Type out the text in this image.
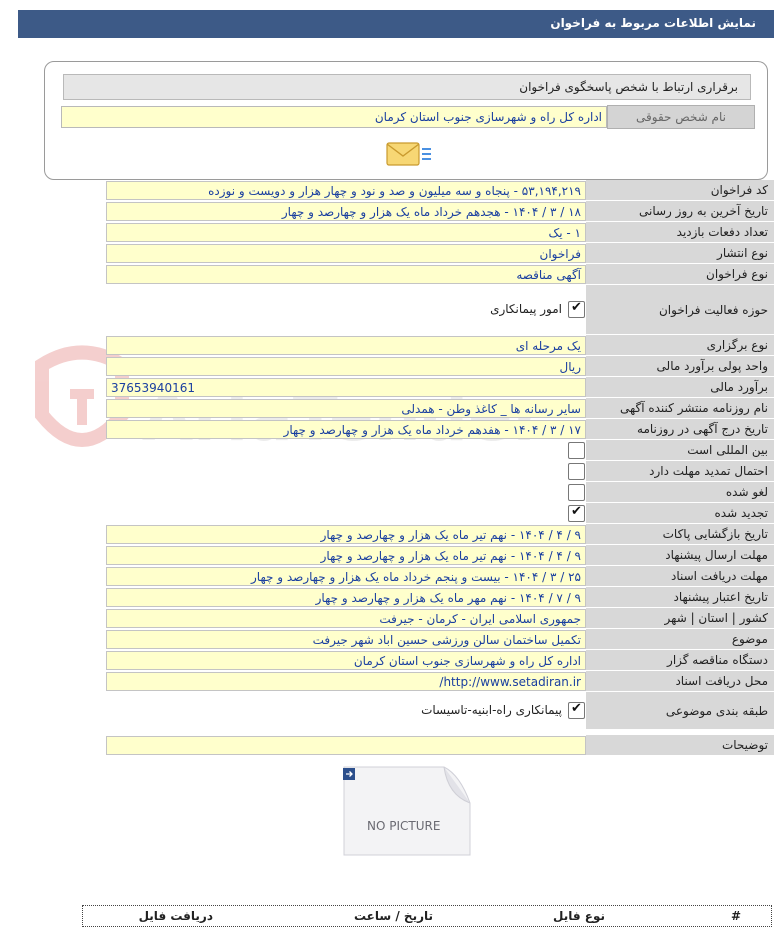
نمایش اطلاعات مربوط به فراخوان
برقراری ارتباط با شخص پاسخگوی فراخوان
نام شخص حقوقی
اداره کل راه و شهرسازی جنوب استان کرمان
کد فراخوان
۵۳,۱۹۴,۲۱۹ - پنجاه و سه میلیون و صد و نود و چهار هزار و دویست و نوزده
تاریخ آخرین به روز رسانی
۱۸ / ۳ / ۱۴۰۴ - هجدهم خرداد ماه یک هزار و چهارصد و چهار
تعداد دفعات بازدید
۱ - یک
نوع انتشار
فراخوان
نوع فراخوان
آگهی مناقصه
حوزه فعالیت فراخوان
✔
امور پیمانکاری
نوع برگزاری
یک مرحله ای
واحد پولی برآورد مالی
ریال
برآورد مالی
37653940161
نام روزنامه منتشر کننده آگهی
سایر رسانه ها _ کاغذ وطن - همدلی
تاریخ درج آگهی در روزنامه
۱۷ / ۳ / ۱۴۰۴ - هفدهم خرداد ماه یک هزار و چهارصد و چهار
بین المللی است
احتمال تمدید مهلت دارد
لغو شده
تجدید شده
✔
تاریخ بازگشایی پاکات
۹ / ۴ / ۱۴۰۴ - نهم تیر ماه یک هزار و چهارصد و چهار
مهلت ارسال پیشنهاد
۹ / ۴ / ۱۴۰۴ - نهم تیر ماه یک هزار و چهارصد و چهار
مهلت دریافت اسناد
۲۵ / ۳ / ۱۴۰۴ - بیست و پنجم خرداد ماه یک هزار و چهارصد و چهار
تاریخ اعتبار پیشنهاد
۹ / ۷ / ۱۴۰۴ - نهم مهر ماه یک هزار و چهارصد و چهار
کشور | استان | شهر
جمهوری اسلامی ایران - کرمان - جیرفت
موضوع
تکمیل ساختمان سالن ورزشی حسین اباد شهر جیرفت
دستگاه مناقصه گزار
اداره کل راه و شهرسازی جنوب استان کرمان
محل دریافت اسناد
http://www.setadiran.ir/
طبقه بندی موضوعی
✔
پیمانکاری راه-ابنیه-تاسیسات
توضیحات
NO PICTURE
#
نوع فایل
تاریخ / ساعت
دریافت فایل
